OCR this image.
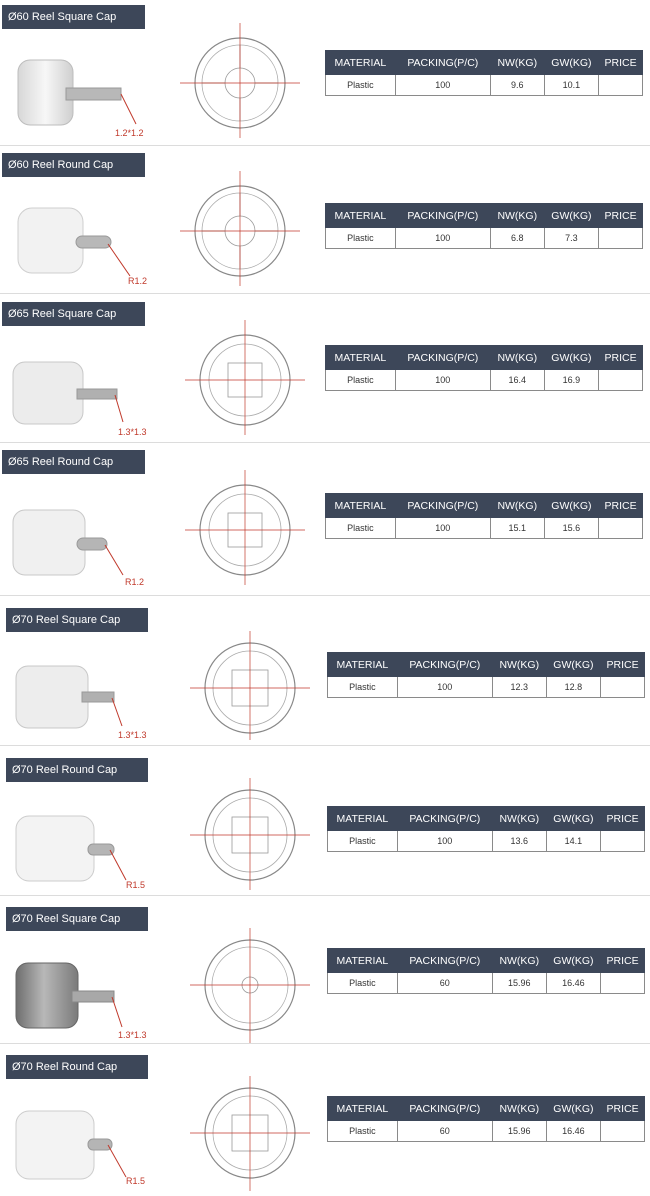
Ø60 Reel Square Cap
1.2*1.2
MATERIAL	PACKING(P/C)	NW(KG)	GW(KG)	PRICE
Plastic	100	9.6	10.1	
Ø60 Reel Round Cap
R1.2
MATERIAL	PACKING(P/C)	NW(KG)	GW(KG)	PRICE
Plastic	100	6.8	7.3	
Ø65 Reel Square Cap
1.3*1.3
MATERIAL	PACKING(P/C)	NW(KG)	GW(KG)	PRICE
Plastic	100	16.4	16.9	
Ø65 Reel Round Cap
R1.2
MATERIAL	PACKING(P/C)	NW(KG)	GW(KG)	PRICE
Plastic	100	15.1	15.6	
Ø70 Reel Square Cap
1.3*1.3
MATERIAL	PACKING(P/C)	NW(KG)	GW(KG)	PRICE
Plastic	100	12.3	12.8	
Ø70 Reel Round Cap
R1.5
MATERIAL	PACKING(P/C)	NW(KG)	GW(KG)	PRICE
Plastic	100	13.6	14.1	
Ø70 Reel Square Cap
1.3*1.3
MATERIAL	PACKING(P/C)	NW(KG)	GW(KG)	PRICE
Plastic	60	15.96	16.46	
Ø70 Reel Round Cap
R1.5
MATERIAL	PACKING(P/C)	NW(KG)	GW(KG)	PRICE
Plastic	60	15.96	16.46	
